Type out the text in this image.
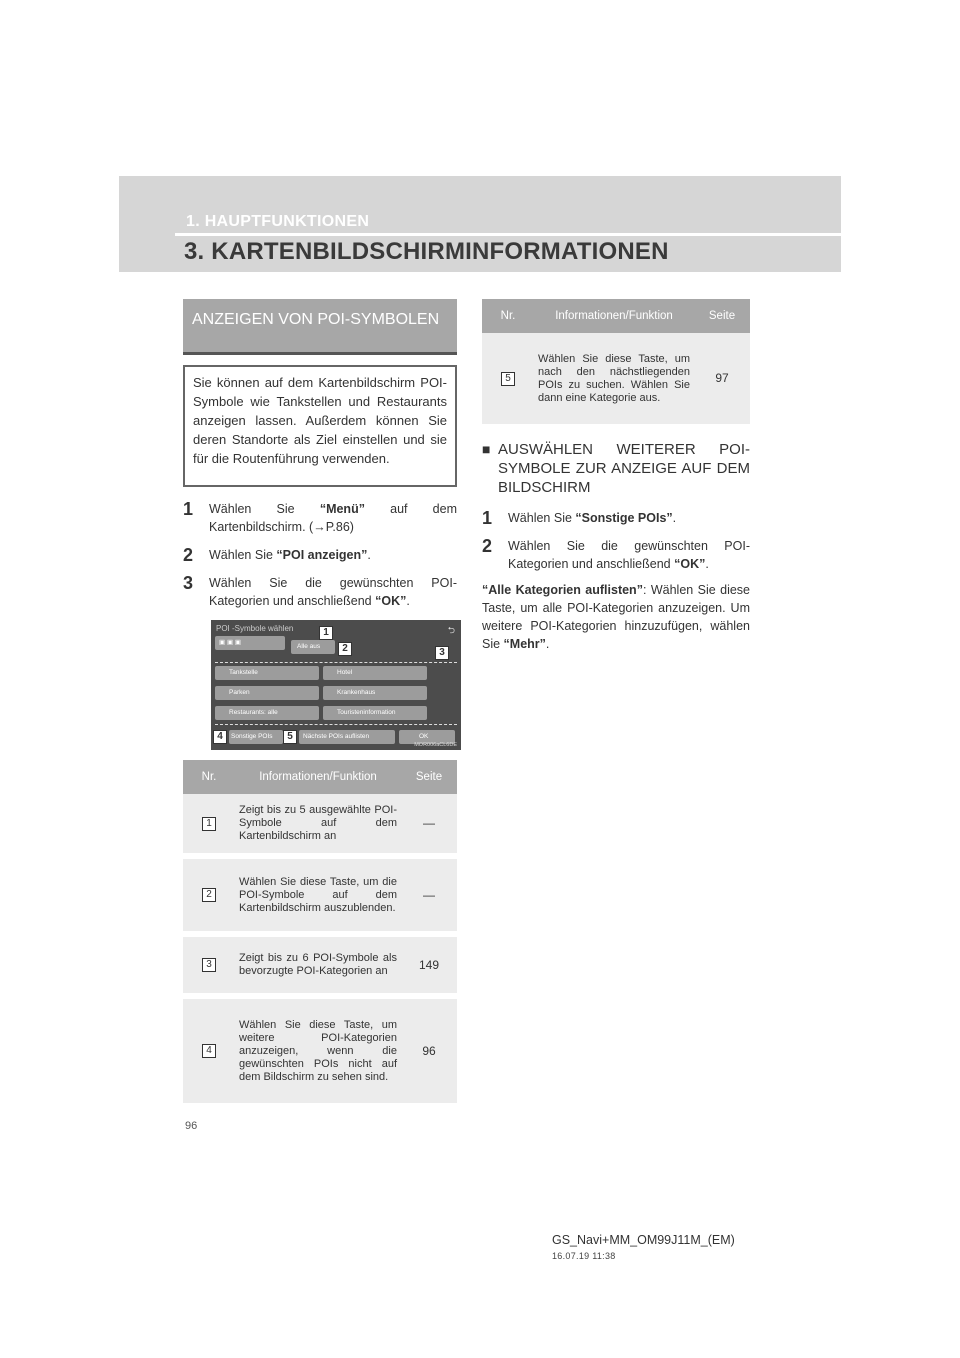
1. HAUPTFUNKTIONEN
3. KARTENBILDSCHIRMINFORMATIONEN
ANZEIGEN VON POI-SYMBOLEN
Sie können auf dem Kartenbildschirm POI-Symbole wie Tankstellen und Restaurants anzeigen lassen. Außerdem können Sie deren Standorte als Ziel einstellen und sie für die Routenführung verwenden.
1	Wählen Sie “Menü” auf dem Kartenbildschirm. (→P.86)
2	Wählen Sie “POI anzeigen”.
3	Wählen Sie die gewünschten POI-Kategorien und anschließend “OK”.
POI -Symbole wählen	⮌
▣ ▣ ▣
Alle aus
1
2	3
Tankstelle	Hotel
Parken	Krankenhaus
Restaurants: alle	Touristeninformation
4	Sonstige POIs	5	Nächste POIs auflisten	OK
MOR006aCL6DE
Nr.	Informationen/Funktion	Seite
1	Zeigt bis zu 5 ausgewählte POI-Symbole auf dem Kartenbildschirm an	—
2	Wählen Sie diese Taste, um die POI-Symbole auf dem Kartenbildschirm auszublenden.	—
3	Zeigt bis zu 6 POI-Symbole als bevorzugte POI-Kategorien an	149
4	Wählen Sie diese Taste, um weitere POI-Kategorien anzuzeigen, wenn die gewünschten POIs nicht auf dem Bildschirm zu sehen sind.	96
Nr.	Informationen/Funktion	Seite
5	Wählen Sie diese Taste, um nach den nächstliegenden POIs zu suchen. Wählen Sie dann eine Kategorie aus.	97
■ AUSWÄHLEN WEITERER POI-SYMBOLE ZUR ANZEIGE AUF DEM BILDSCHIRM
1	Wählen Sie “Sonstige POIs”.
2	Wählen Sie die gewünschten POI-Kategorien und anschließend “OK”.
“Alle Kategorien auflisten”: Wählen Sie diese Taste, um alle POI-Kategorien anzuzeigen. Um weitere POI-Kategorien hinzuzufügen, wählen Sie “Mehr”.
96
GS_Navi+MM_OM99J11M_(EM)
16.07.19 11:38
